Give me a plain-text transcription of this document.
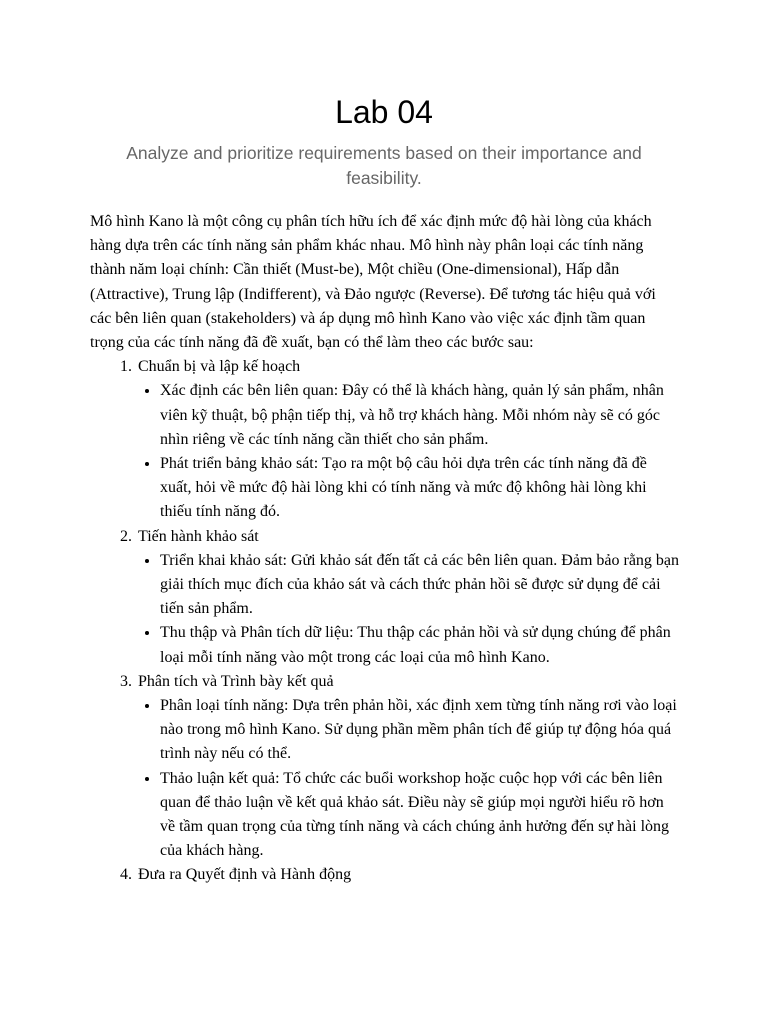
Lab 04

Analyze and prioritize requirements based on their importance and feasibility.

Mô hình Kano là một công cụ phân tích hữu ích để xác định mức độ hài lòng của khách hàng dựa trên các tính năng sản phẩm khác nhau. Mô hình này phân loại các tính năng thành năm loại chính: Cần thiết (Must-be), Một chiều (One-dimensional), Hấp dẫn (Attractive), Trung lập (Indifferent), và Đảo ngược (Reverse). Để tương tác hiệu quả với các bên liên quan (stakeholders) và áp dụng mô hình Kano vào việc xác định tầm quan trọng của các tính năng đã đề xuất, bạn có thể làm theo các bước sau:

1. Chuẩn bị và lập kế hoạch
• Xác định các bên liên quan: Đây có thể là khách hàng, quản lý sản phẩm, nhân viên kỹ thuật, bộ phận tiếp thị, và hỗ trợ khách hàng. Mỗi nhóm này sẽ có góc nhìn riêng về các tính năng cần thiết cho sản phẩm.
• Phát triển bảng khảo sát: Tạo ra một bộ câu hỏi dựa trên các tính năng đã đề xuất, hỏi về mức độ hài lòng khi có tính năng và mức độ không hài lòng khi thiếu tính năng đó.
2. Tiến hành khảo sát
• Triển khai khảo sát: Gửi khảo sát đến tất cả các bên liên quan. Đảm bảo rằng bạn giải thích mục đích của khảo sát và cách thức phản hồi sẽ được sử dụng để cải tiến sản phẩm.
• Thu thập và Phân tích dữ liệu: Thu thập các phản hồi và sử dụng chúng để phân loại mỗi tính năng vào một trong các loại của mô hình Kano.
3. Phân tích và Trình bày kết quả
• Phân loại tính năng: Dựa trên phản hồi, xác định xem từng tính năng rơi vào loại nào trong mô hình Kano. Sử dụng phần mềm phân tích để giúp tự động hóa quá trình này nếu có thể.
• Thảo luận kết quả: Tổ chức các buổi workshop hoặc cuộc họp với các bên liên quan để thảo luận về kết quả khảo sát. Điều này sẽ giúp mọi người hiểu rõ hơn về tầm quan trọng của từng tính năng và cách chúng ảnh hưởng đến sự hài lòng của khách hàng.
4. Đưa ra Quyết định và Hành động
